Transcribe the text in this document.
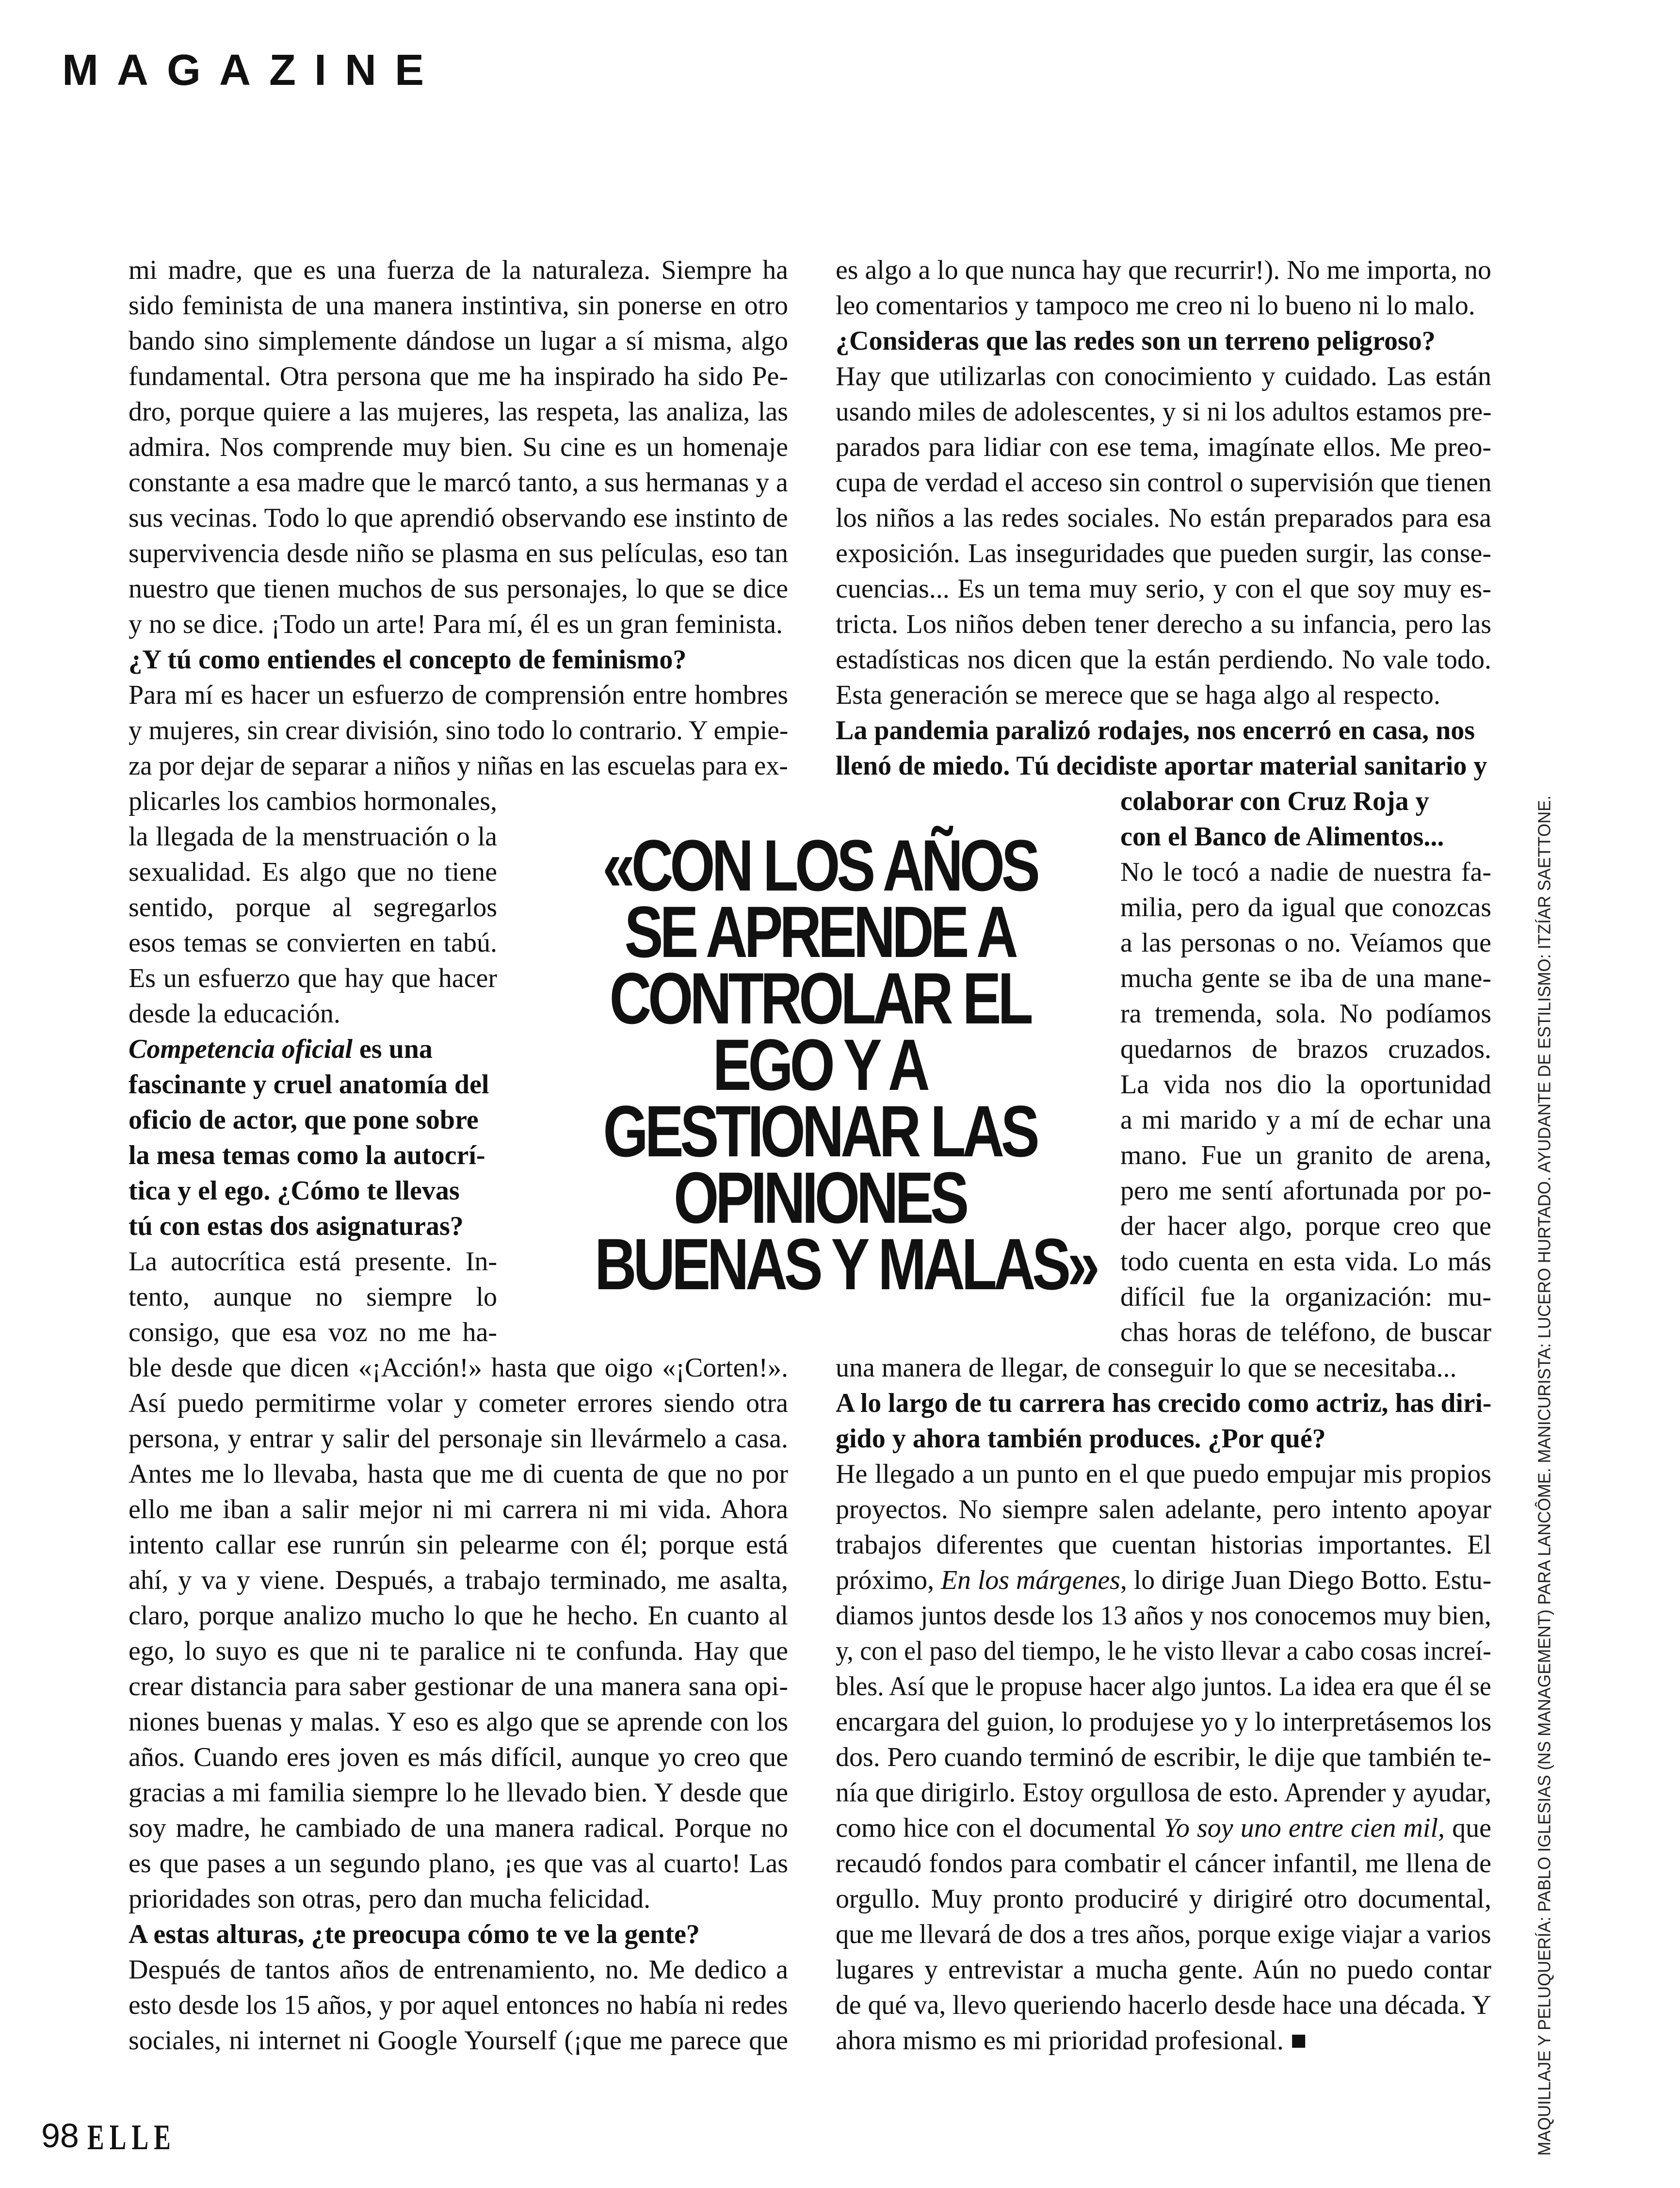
MAGAZINE
mi madre, que es una fuerza de la naturaleza. Siempre ha
sido feminista de una manera instintiva, sin ponerse en otro
bando sino simplemente dándose un lugar a sí misma, algo
fundamental. Otra persona que me ha inspirado ha sido Pe-
dro, porque quiere a las mujeres, las respeta, las analiza, las
admira. Nos comprende muy bien. Su cine es un homenaje
constante a esa madre que le marcó tanto, a sus hermanas y a
sus vecinas. Todo lo que aprendió observando ese instinto de
supervivencia desde niño se plasma en sus películas, eso tan
nuestro que tienen muchos de sus personajes, lo que se dice
y no se dice. ¡Todo un arte! Para mí, él es un gran feminista.
¿Y tú como entiendes el concepto de feminismo?
Para mí es hacer un esfuerzo de comprensión entre hombres
y mujeres, sin crear división, sino todo lo contrario. Y empie-
za por dejar de separar a niños y niñas en las escuelas para ex-
plicarles los cambios hormonales,
la llegada de la menstruación o la
sexualidad. Es algo que no tiene
sentido, porque al segregarlos
esos temas se convierten en tabú.
Es un esfuerzo que hay que hacer
desde la educación.
Competencia oficial es una
fascinante y cruel anatomía del
oficio de actor, que pone sobre
la mesa temas como la autocrí-
tica y el ego. ¿Cómo te llevas
tú con estas dos asignaturas?
La autocrítica está presente. In-
tento, aunque no siempre lo
consigo, que esa voz no me ha-
ble desde que dicen «¡Acción!» hasta que oigo «¡Corten!».
Así puedo permitirme volar y cometer errores siendo otra
persona, y entrar y salir del personaje sin llevármelo a casa.
Antes me lo llevaba, hasta que me di cuenta de que no por
ello me iban a salir mejor ni mi carrera ni mi vida. Ahora
intento callar ese runrún sin pelearme con él; porque está
ahí, y va y viene. Después, a trabajo terminado, me asalta,
claro, porque analizo mucho lo que he hecho. En cuanto al
ego, lo suyo es que ni te paralice ni te confunda. Hay que
crear distancia para saber gestionar de una manera sana opi-
niones buenas y malas. Y eso es algo que se aprende con los
años. Cuando eres joven es más difícil, aunque yo creo que
gracias a mi familia siempre lo he llevado bien. Y desde que
soy madre, he cambiado de una manera radical. Porque no
es que pases a un segundo plano, ¡es que vas al cuarto! Las
prioridades son otras, pero dan mucha felicidad.
A estas alturas, ¿te preocupa cómo te ve la gente?
Después de tantos años de entrenamiento, no. Me dedico a
esto desde los 15 años, y por aquel entonces no había ni redes
sociales, ni internet ni Google Yourself (¡que me parece que
es algo a lo que nunca hay que recurrir!). No me importa, no
leo comentarios y tampoco me creo ni lo bueno ni lo malo.
¿Consideras que las redes son un terreno peligroso?
Hay que utilizarlas con conocimiento y cuidado. Las están
usando miles de adolescentes, y si ni los adultos estamos pre-
parados para lidiar con ese tema, imagínate ellos. Me preo-
cupa de verdad el acceso sin control o supervisión que tienen
los niños a las redes sociales. No están preparados para esa
exposición. Las inseguridades que pueden surgir, las conse-
cuencias... Es un tema muy serio, y con el que soy muy es-
tricta. Los niños deben tener derecho a su infancia, pero las
estadísticas nos dicen que la están perdiendo. No vale todo.
Esta generación se merece que se haga algo al respecto.
La pandemia paralizó rodajes, nos encerró en casa, nos
llenó de miedo. Tú decidiste aportar material sanitario y
colaborar con Cruz Roja y
con el Banco de Alimentos...
No le tocó a nadie de nuestra fa-
milia, pero da igual que conozcas
a las personas o no. Veíamos que
mucha gente se iba de una mane-
ra tremenda, sola. No podíamos
quedarnos de brazos cruzados.
La vida nos dio la oportunidad
a mi marido y a mí de echar una
mano. Fue un granito de arena,
pero me sentí afortunada por po-
der hacer algo, porque creo que
todo cuenta en esta vida. Lo más
difícil fue la organización: mu-
chas horas de teléfono, de buscar
una manera de llegar, de conseguir lo que se necesitaba...
A lo largo de tu carrera has crecido como actriz, has diri-
gido y ahora también produces. ¿Por qué?
He llegado a un punto en el que puedo empujar mis propios
proyectos. No siempre salen adelante, pero intento apoyar
trabajos diferentes que cuentan historias importantes. El
próximo, En los márgenes, lo dirige Juan Diego Botto. Estu-
diamos juntos desde los 13 años y nos conocemos muy bien,
y, con el paso del tiempo, le he visto llevar a cabo cosas increí-
bles. Así que le propuse hacer algo juntos. La idea era que él se
encargara del guion, lo produjese yo y lo interpretásemos los
dos. Pero cuando terminó de escribir, le dije que también te-
nía que dirigirlo. Estoy orgullosa de esto. Aprender y ayudar,
como hice con el documental Yo soy uno entre cien mil, que
recaudó fondos para combatir el cáncer infantil, me llena de
orgullo. Muy pronto produciré y dirigiré otro documental,
que me llevará de dos a tres años, porque exige viajar a varios
lugares y entrevistar a mucha gente. Aún no puedo contar
de qué va, llevo queriendo hacerlo desde hace una década. Y
ahora mismo es mi prioridad profesional. ■
«CON LOS AÑOS
SE APRENDE A
CONTROLAR EL
EGO Y A
GESTIONAR LAS
OPINIONES
BUENAS Y MALAS»	MAQUILLAJE Y PELUQUERÍA: PABLO IGLESIAS (NS MANAGEMENT) PARA LANCÔME. MANICURISTA: LUCERO HURTADO. AYUDANTE DE ESTILISMO: ITZÍAR SAETTONE.
98 ELLE
